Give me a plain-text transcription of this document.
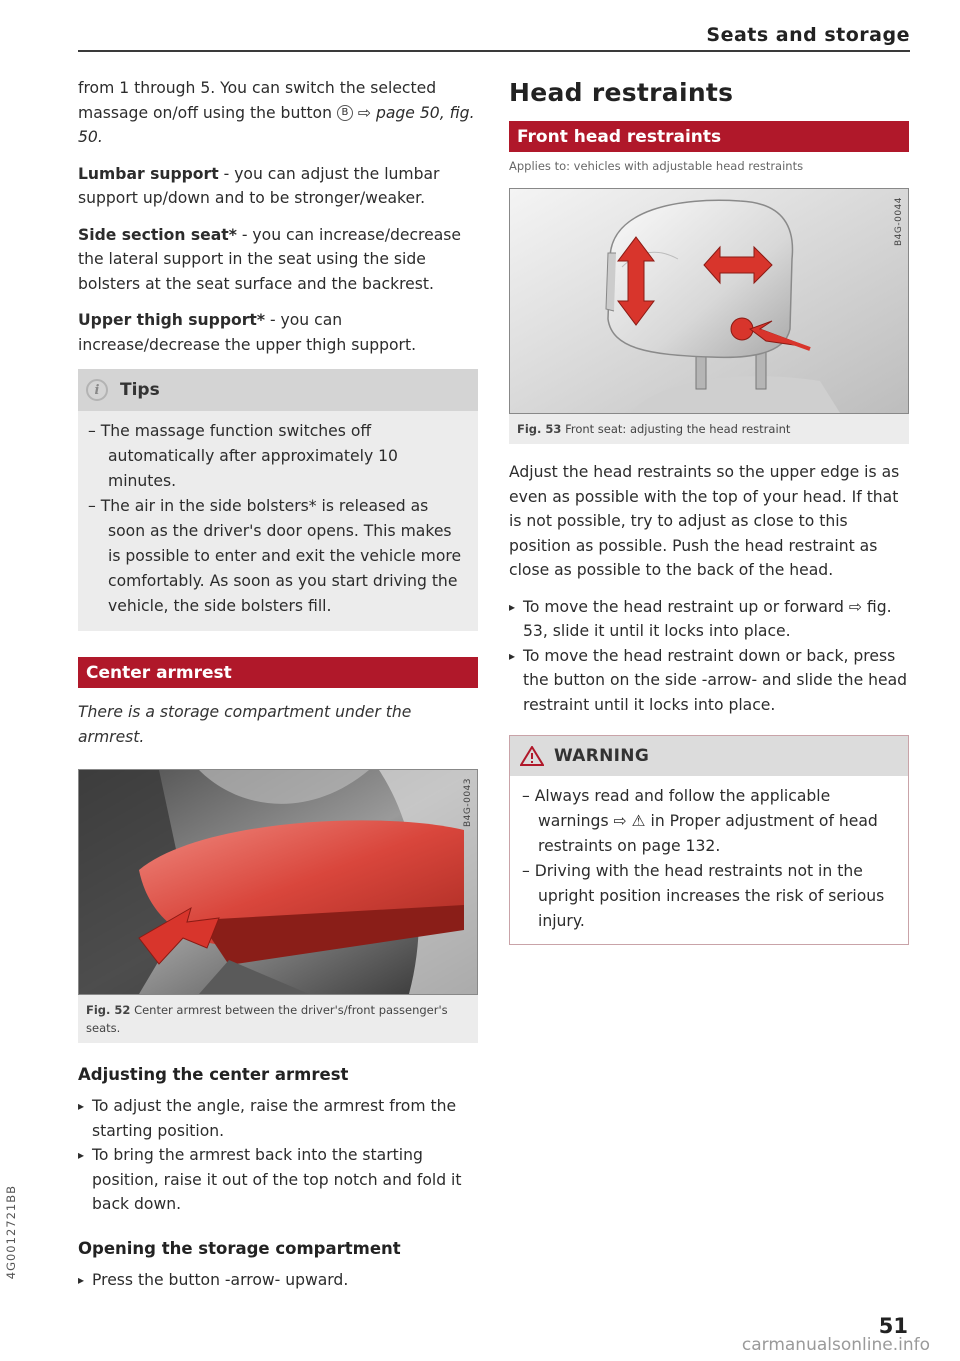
Seats and storage

from 1 through 5. You can switch the selected massage on/off using the button B ⇨ page 50, fig. 50.

Lumbar support - you can adjust the lumbar support up/down and to be stronger/weaker.

Side section seat* - you can increase/decrease the lateral support in the seat using the side bolsters at the seat surface and the backrest.

Upper thigh support* - you can increase/decrease the upper thigh support.

i	Tips
– The massage function switches off automatically after approximately 10 minutes.
– The air in the side bolsters* is released as soon as the driver's door opens. This makes is possible to enter and exit the vehicle more comfortably. As soon as you start driving the vehicle, the side bolsters fill.
Center armrest

There is a storage compartment under the armrest.

B4G-0043
Fig. 52 Center armrest between the driver's/front passenger's seats.
Adjusting the center armrest
▸ To adjust the angle, raise the armrest from the starting position.
▸ To bring the armrest back into the starting position, raise it out of the top notch and fold it back down.
Opening the storage compartment
▸ Press the button -arrow- upward.
Head restraints
Front head restraints

Applies to: vehicles with adjustable head restraints

B4G-0044
Fig. 53 Front seat: adjusting the head restraint

Adjust the head restraints so the upper edge is as even as possible with the top of your head. If that is not possible, try to adjust as close to this position as possible. Push the head restraint as close as possible to the back of the head.

▸ To move the head restraint up or forward ⇨ fig. 53, slide it until it locks into place.
▸ To move the head restraint down or back, press the button on the side -arrow- and slide the head restraint until it locks into place.
WARNING
– Always read and follow the applicable warnings ⇨ ⚠ in Proper adjustment of head restraints on page 132.
– Driving with the head restraints not in the upright position increases the risk of serious injury.
4G0012721BB
51
carmanualsonline.info
